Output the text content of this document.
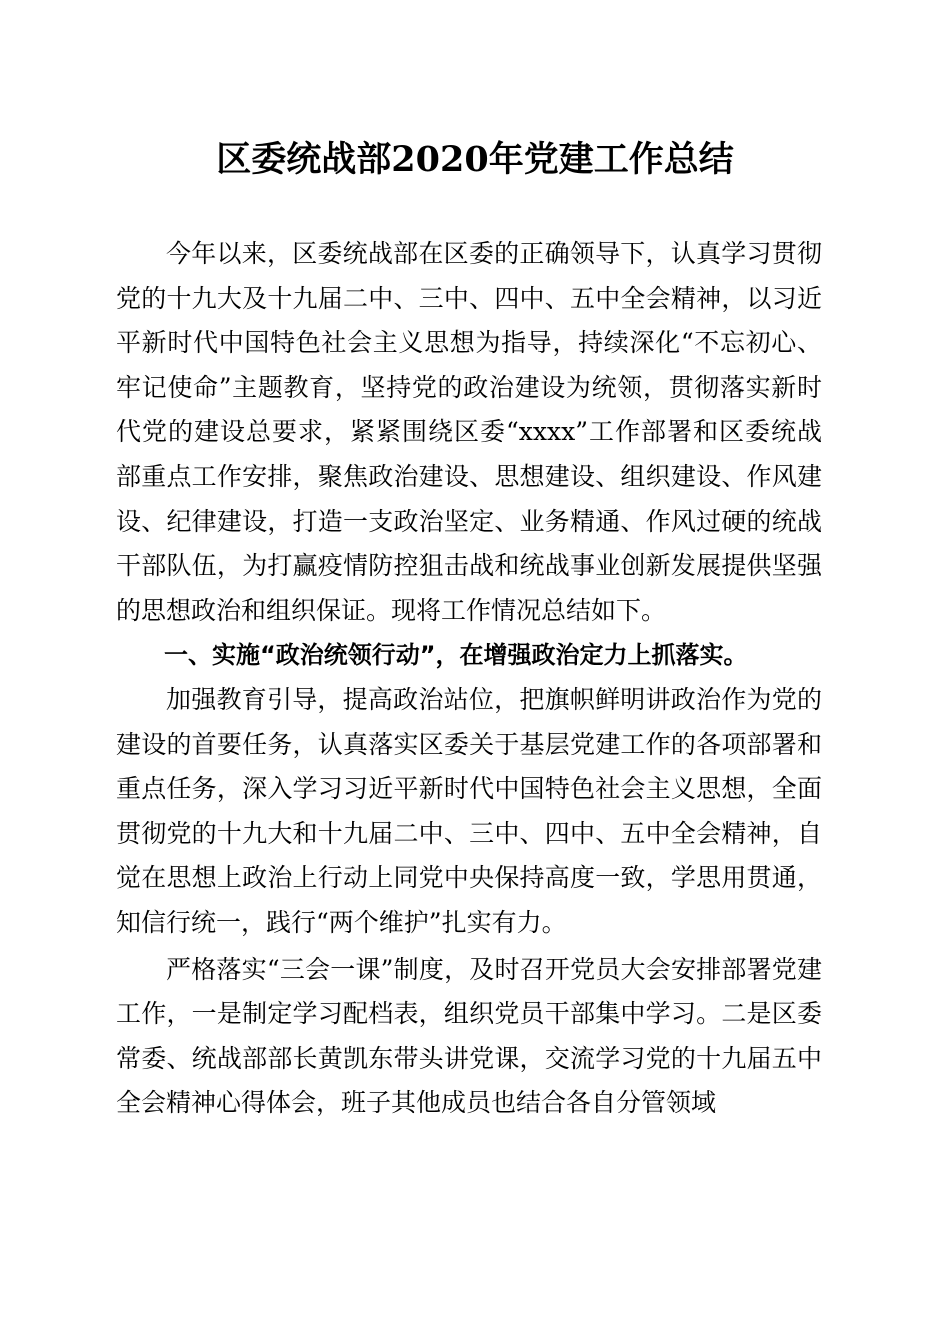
区委统战部2020年党建工作总结

今年以来，区委统战部在区委的正确领导下，认真学习贯彻党的十九大及十九届二中、三中、四中、五中全会精神，以习近平新时代中国特色社会主义思想为指导，持续深化“不忘初心、牢记使命”主题教育，坚持党的政治建设为统领，贯彻落实新时代党的建设总要求，紧紧围绕区委“xxxx”工作部署和区委统战部重点工作安排，聚焦政治建设、思想建设、组织建设、作风建设、纪律建设，打造一支政治坚定、业务精通、作风过硬的统战干部队伍，为打赢疫情防控狙击战和统战事业创新发展提供坚强的思想政治和组织保证。现将工作情况总结如下。

一、实施“政治统领行动”，在增强政治定力上抓落实。

加强教育引导，提高政治站位，把旗帜鲜明讲政治作为党的建设的首要任务，认真落实区委关于基层党建工作的各项部署和重点任务，深入学习习近平新时代中国特色社会主义思想，全面贯彻党的十九大和十九届二中、三中、四中、五中全会精神，自觉在思想上政治上行动上同党中央保持高度一致，学思用贯通，知信行统一，践行“两个维护”扎实有力。

严格落实“三会一课”制度，及时召开党员大会安排部署党建工作，一是制定学习配档表，组织党员干部集中学习。二是区委常委、统战部部长黄凯东带头讲党课，交流学习党的十九届五中全会精神心得体会，班子其他成员也结合各自分管领域
